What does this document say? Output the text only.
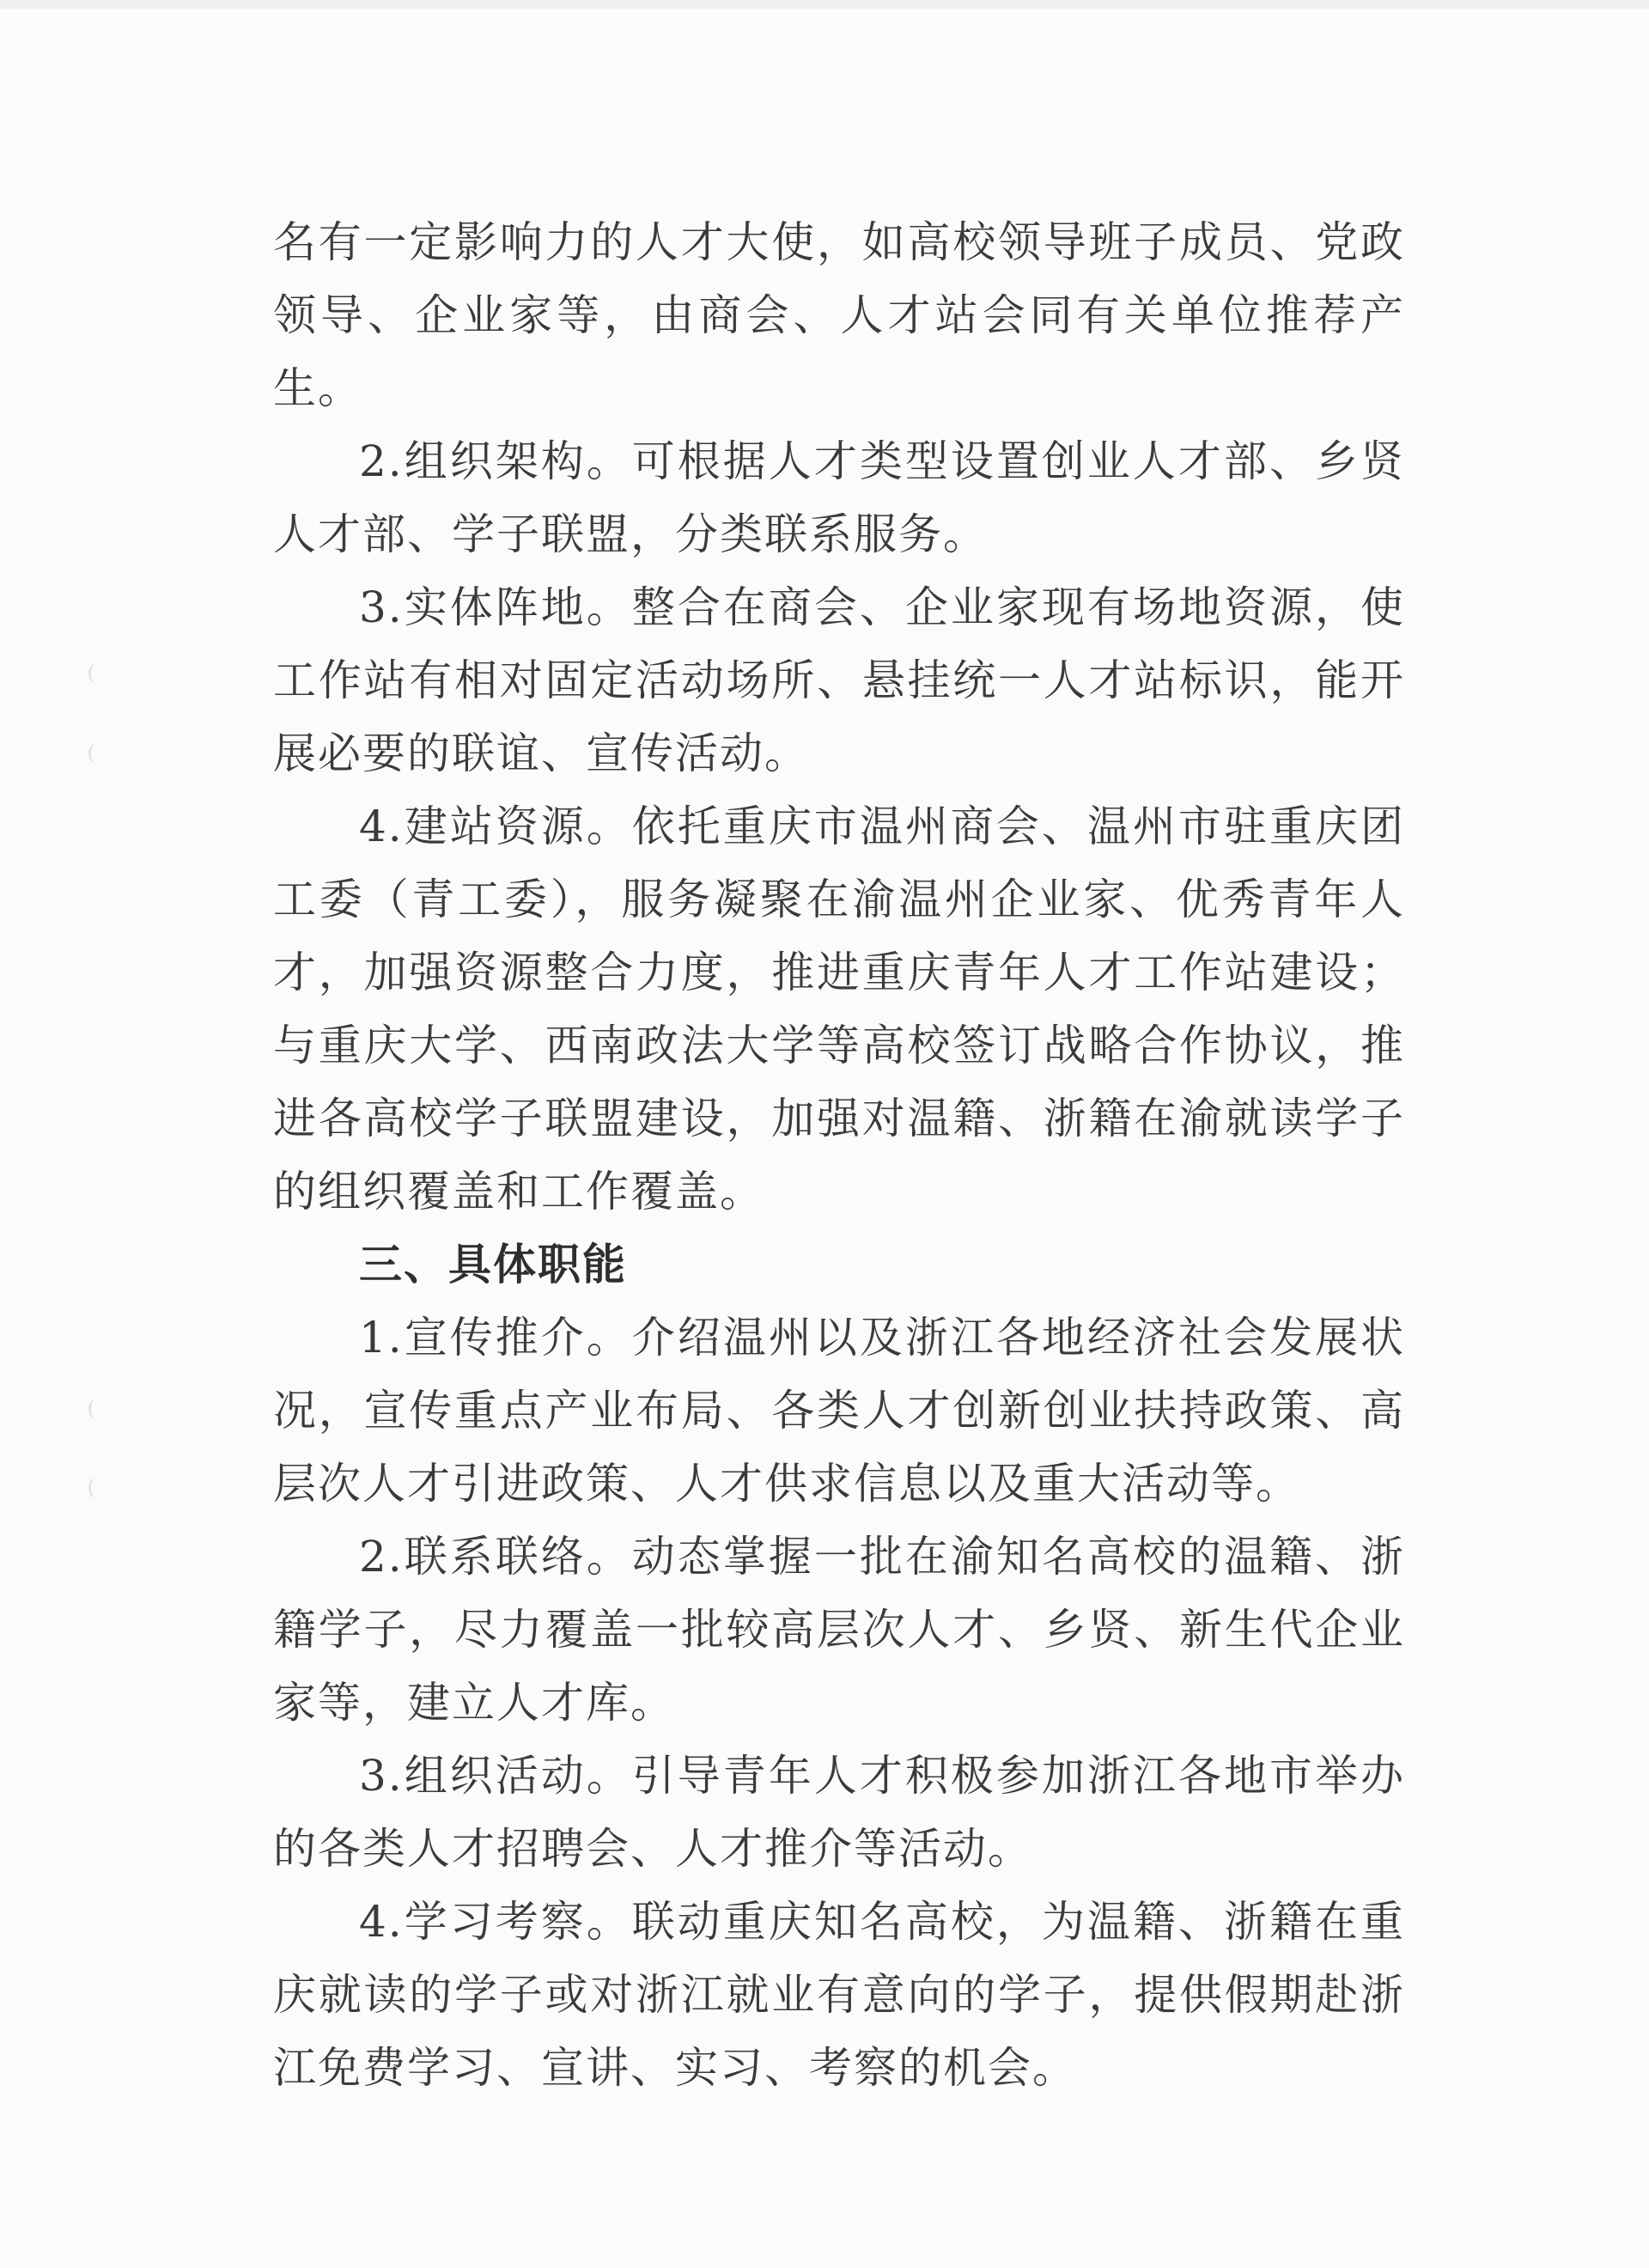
名有一定影响力的人才大使，如高校领导班子成员、党政领导、企业家等，由商会、人才站会同有关单位推荐产生。

2.组织架构。可根据人才类型设置创业人才部、乡贤人才部、学子联盟，分类联系服务。

3.实体阵地。整合在商会、企业家现有场地资源，使工作站有相对固定活动场所、悬挂统一人才站标识，能开展必要的联谊、宣传活动。

4.建站资源。依托重庆市温州商会、温州市驻重庆团工委（青工委），服务凝聚在渝温州企业家、优秀青年人才，加强资源整合力度，推进重庆青年人才工作站建设；与重庆大学、西南政法大学等高校签订战略合作协议，推进各高校学子联盟建设，加强对温籍、浙籍在渝就读学子的组织覆盖和工作覆盖。

三、具体职能

1.宣传推介。介绍温州以及浙江各地经济社会发展状况，宣传重点产业布局、各类人才创新创业扶持政策、高层次人才引进政策、人才供求信息以及重大活动等。

2.联系联络。动态掌握一批在渝知名高校的温籍、浙籍学子，尽力覆盖一批较高层次人才、乡贤、新生代企业家等，建立人才库。

3.组织活动。引导青年人才积极参加浙江各地市举办的各类人才招聘会、人才推介等活动。

4.学习考察。联动重庆知名高校，为温籍、浙籍在重庆就读的学子或对浙江就业有意向的学子，提供假期赴浙江免费学习、宣讲、实习、考察的机会。
